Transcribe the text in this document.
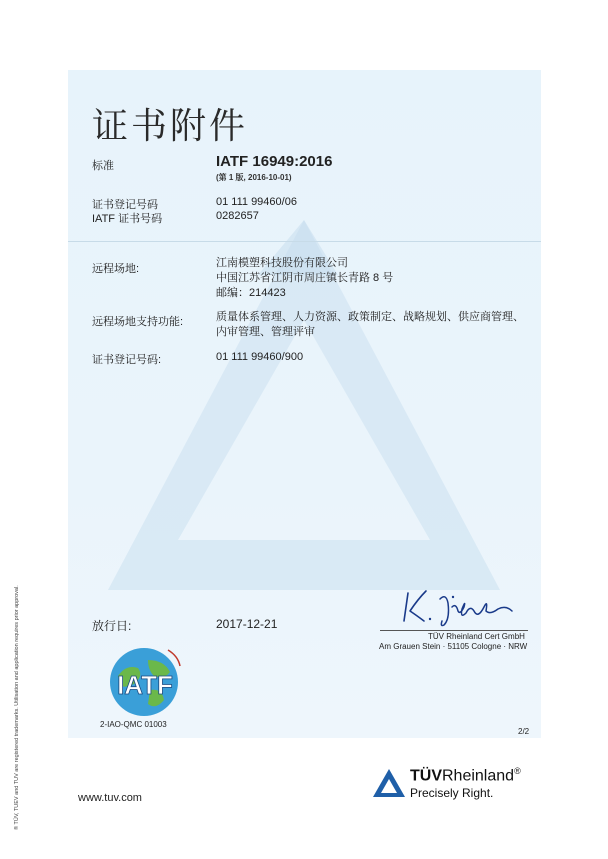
证书附件
标准	IATF 16949:2016
(第 1 版, 2016-10-01)
证书登记号码	01 111 99460/06
IATF 证书号码	0282657
远程场地:	江南模塑科技股份有限公司
中国江苏省江阴市周庄镇长青路 8 号
邮编：214423
远程场地支持功能:	质量体系管理、人力资源、政策制定、战略规划、供应商管理、
内审管理、管理评审
证书登记号码:	01 111 99460/900
放行日:	2017-12-21
TÜV Rheinland Cert GmbH
Am Grauen Stein · 51105 Cologne · NRW
IATF
2-IAO-QMC 01003
2/2
www.tuv.com
TÜVRheinland®
Precisely Right.
® TÜV, TUEV and TUV are registered trademarks. Utilisation and application requires prior approval.
